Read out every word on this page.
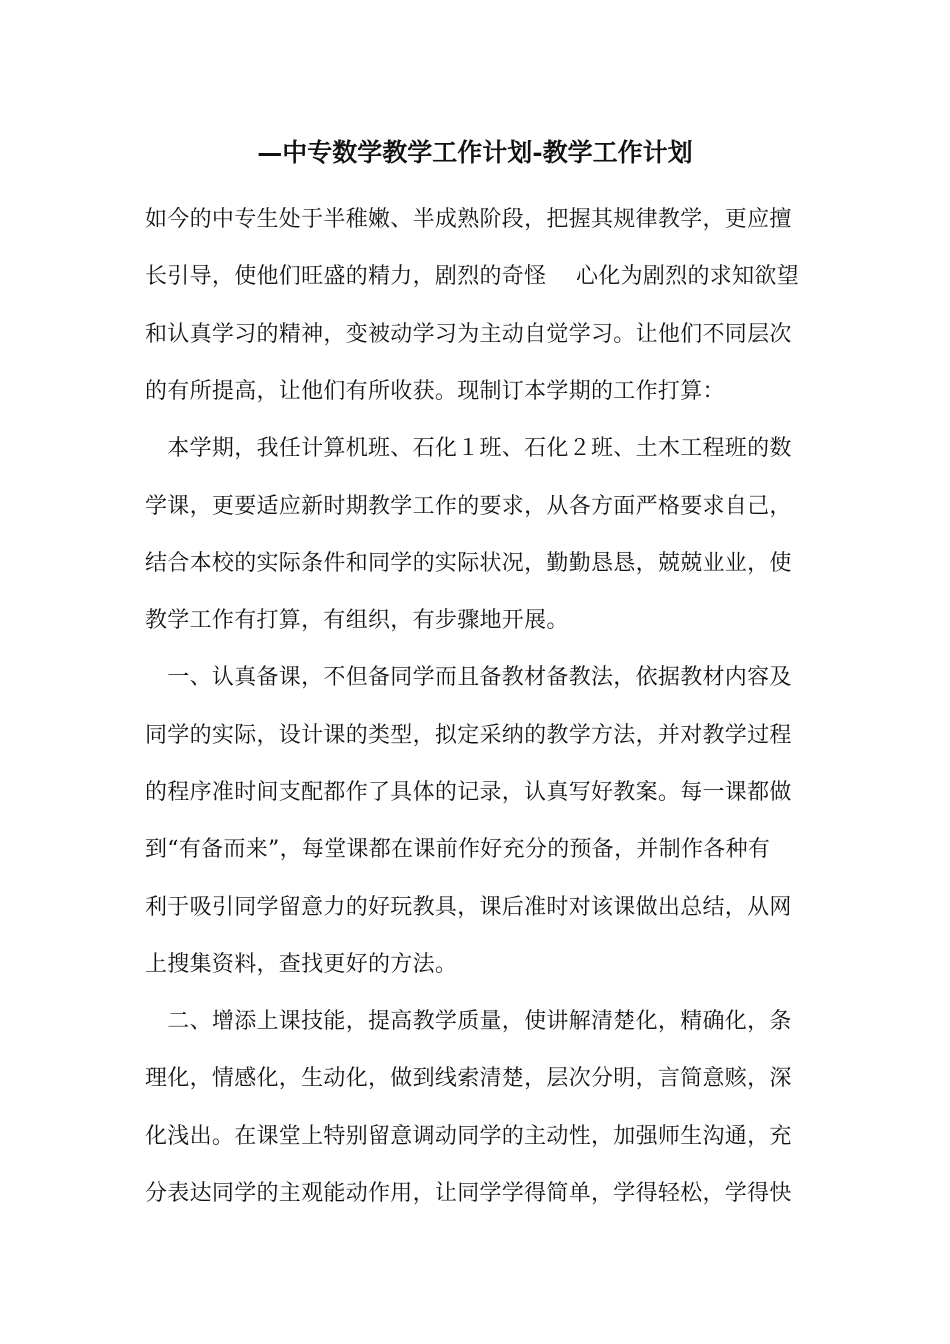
—中专数学教学工作计划-教学工作计划
如今的中专生处于半稚嫩、半成熟阶段，把握其规律教学，更应擅
长引导，使他们旺盛的精力，剧烈的奇怪　 心化为剧烈的求知欲望
和认真学习的精神，变被动学习为主动自觉学习。让他们不同层次
的有所提高，让他们有所收获。现制订本学期的工作打算：
　本学期，我任计算机班、石化１班、石化２班、土木工程班的数
学课，更要适应新时期教学工作的要求，从各方面严格要求自己，
结合本校的实际条件和同学的实际状况，勤勤恳恳，兢兢业业，使
教学工作有打算，有组织，有步骤地开展。
　一、认真备课，不但备同学而且备教材备教法，依据教材内容及
同学的实际，设计课的类型，拟定采纳的教学方法，并对教学过程
的程序准时间支配都作了具体的记录，认真写好教案。每一课都做
到“有备而来”，每堂课都在课前作好充分的预备，并制作各种有
利于吸引同学留意力的好玩教具，课后准时对该课做出总结，从网
上搜集资料，查找更好的方法。
　二、增添上课技能，提高教学质量，使讲解清楚化，精确化，条
理化，情感化，生动化，做到线索清楚，层次分明，言简意赅，深
化浅出。在课堂上特别留意调动同学的主动性，加强师生沟通，充
分表达同学的主观能动作用，让同学学得简单，学得轻松，学得快
